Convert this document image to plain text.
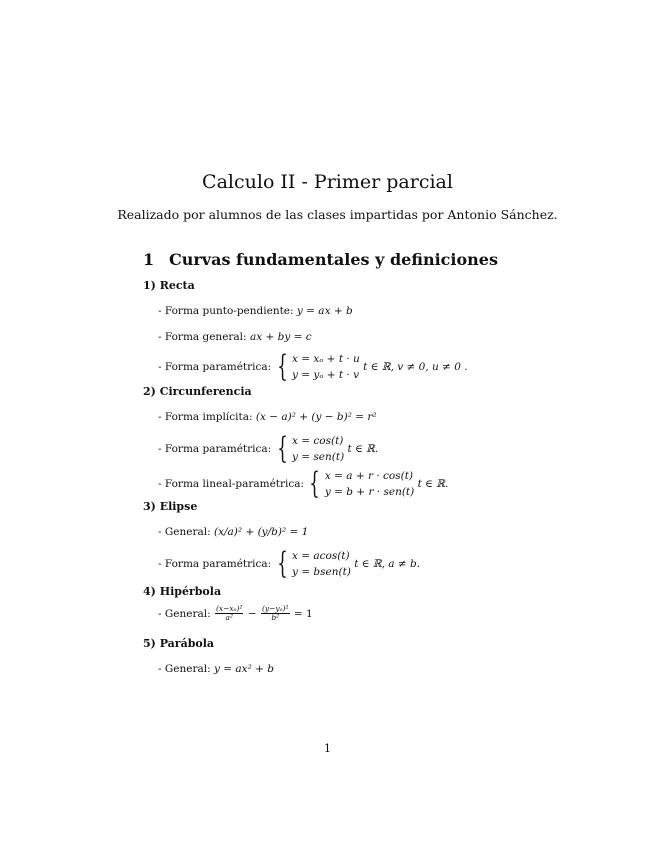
Calculo II - Primer parcial
Realizado por alumnos de las clases impartidas por Antonio Sánchez.
1 Curvas fundamentales y definiciones
1) Recta
- Forma punto-pendiente: y = ax + b
- Forma general: ax + by = c
- Forma paramétrica: { x = xₒ + t · u
y = yₒ + t · v
t ∈ ℝ, v ≠ 0, u ≠ 0 .
2) Circunferencia
- Forma implícita: (x − a)² + (y − b)² = r²
- Forma paramétrica: { x = cos(t)
y = sen(t)
t ∈ ℝ.
- Forma lineal-paramétrica: { x = a + r · cos(t)
y = b + r · sen(t)
t ∈ ℝ.
3) Elipse
- General: (x/a)² + (y/b)² = 1
- Forma paramétrica: { x = acos(t)
y = bsen(t)
t ∈ ℝ, a ≠ b.
4) Hipérbola
- General: $\frac{\text{(x−xₒ)²}}{\text{a²}} - \frac{\text{(y−yₒ)²}}{\text{b²}} = 1$
5) Parábola
- General: y = ax² + b
1
